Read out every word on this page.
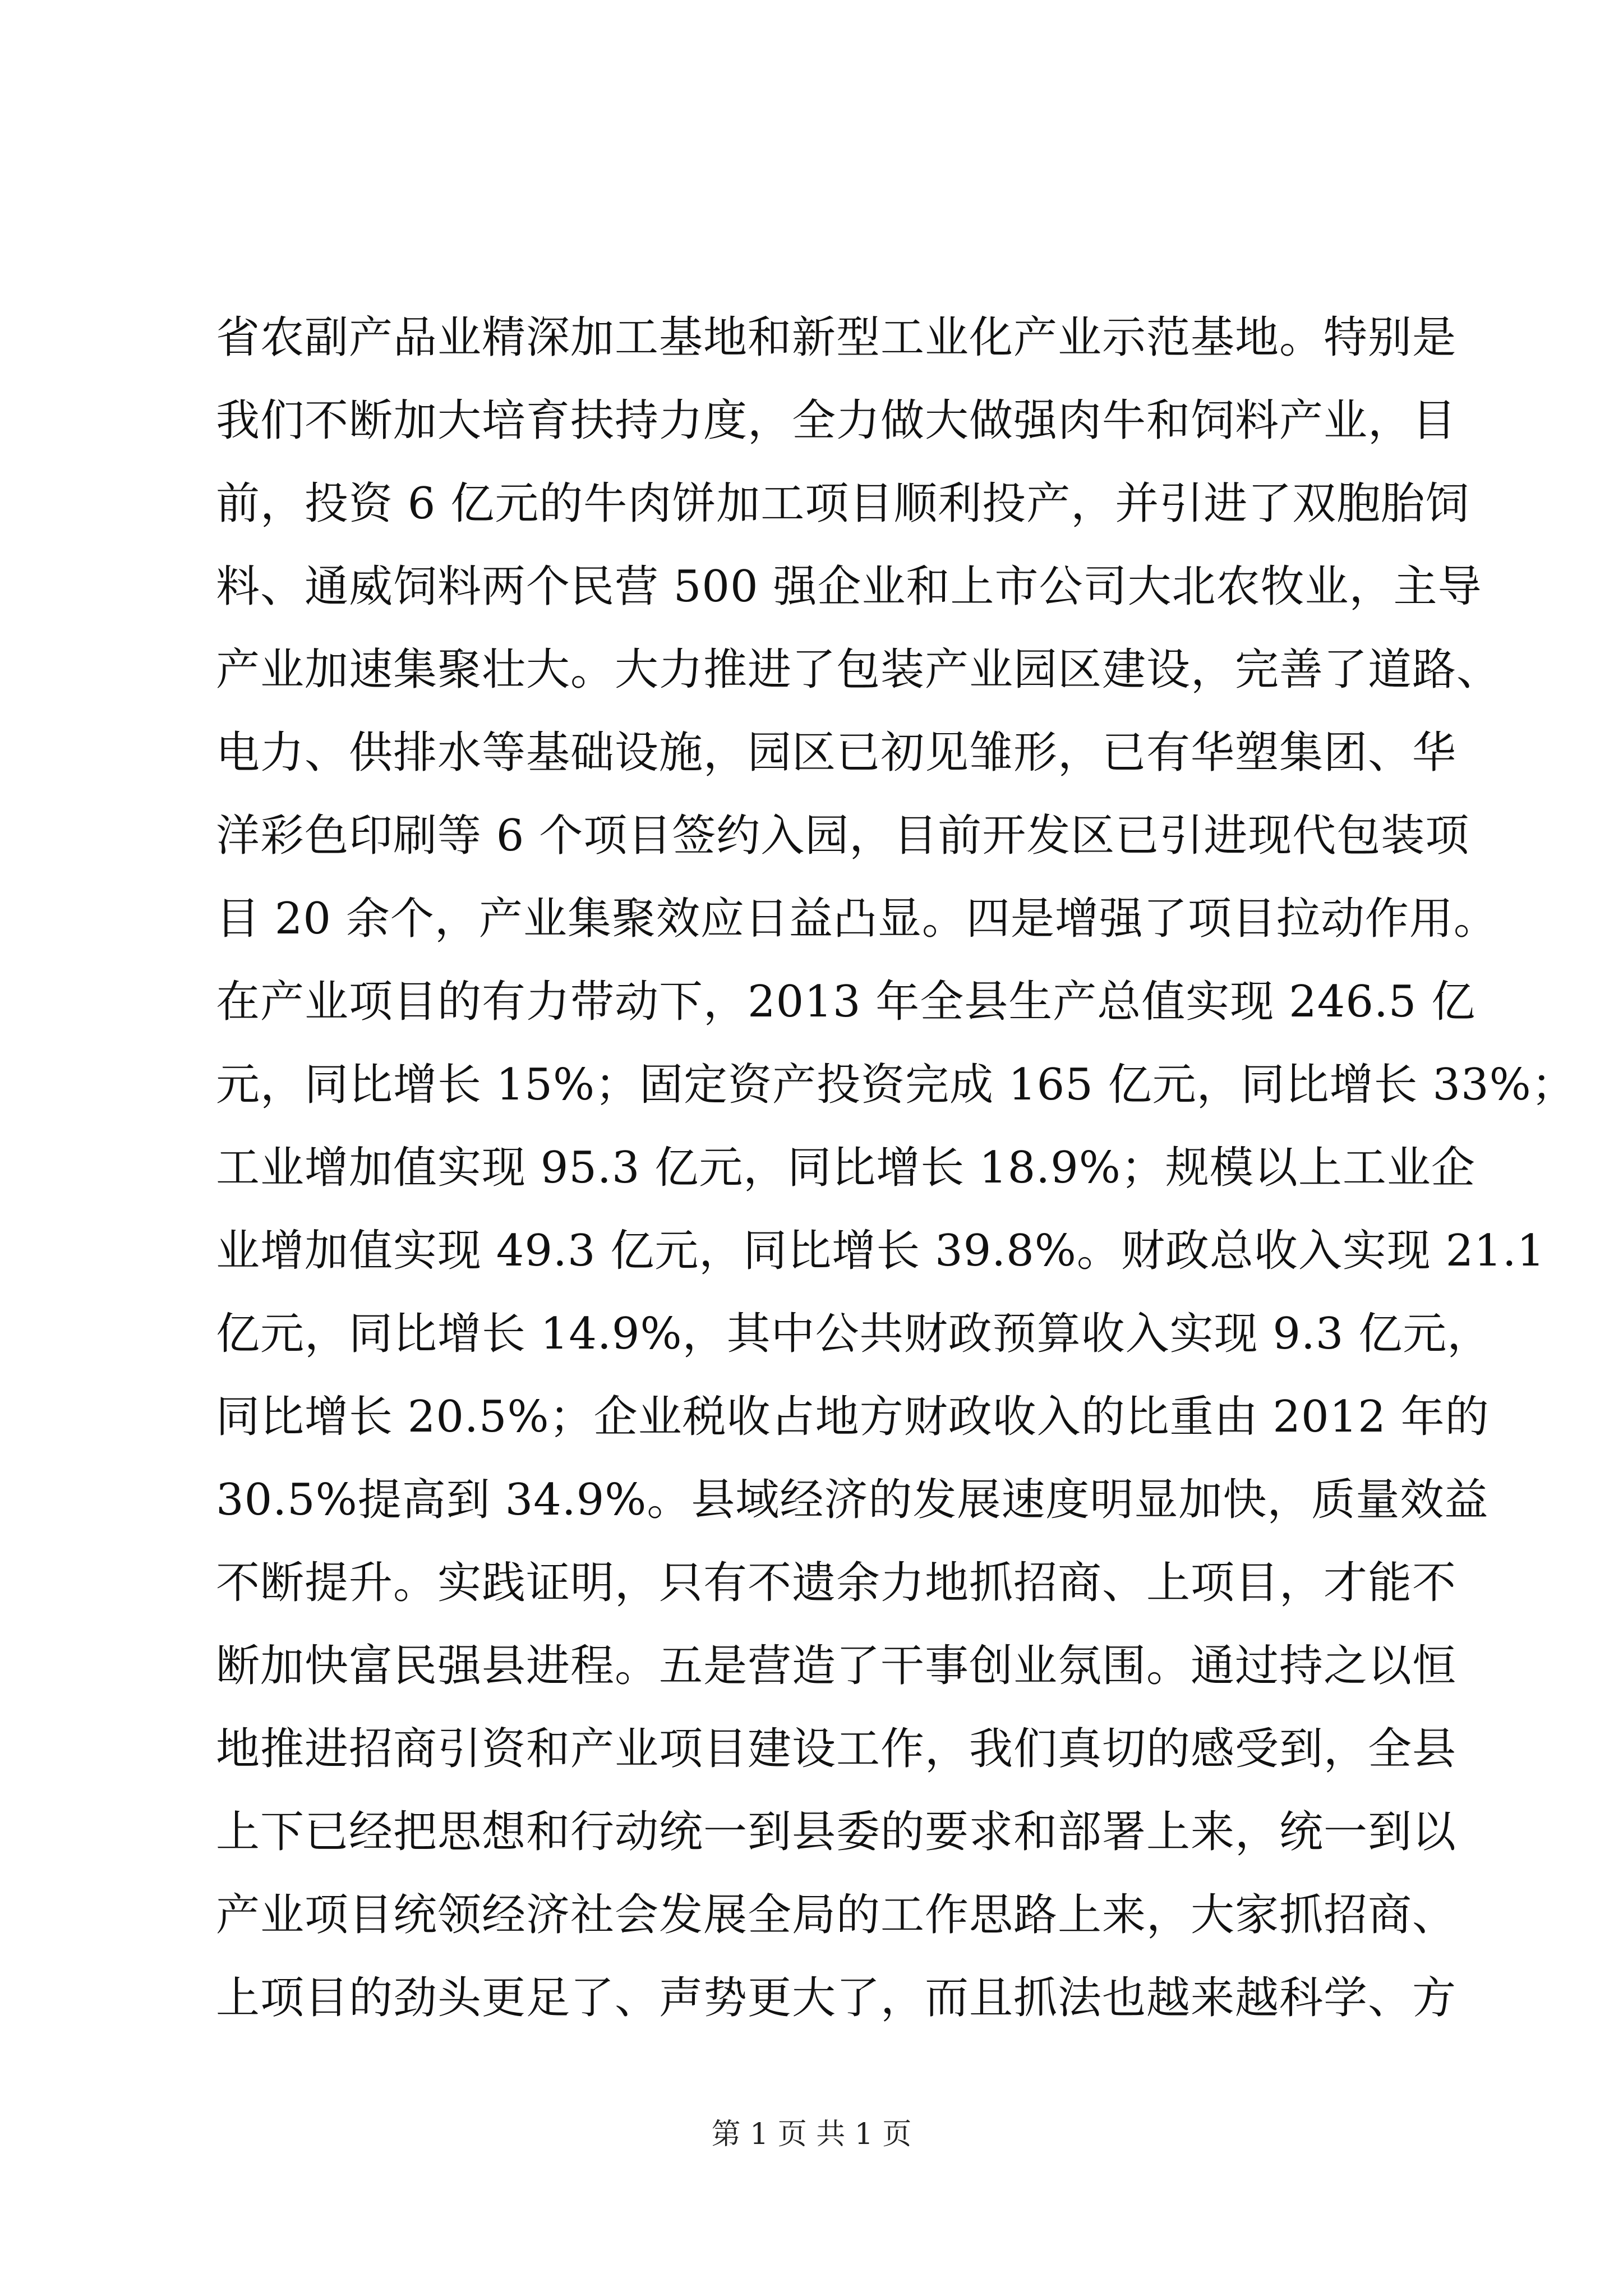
省农副产品业精深加工基地和新型工业化产业示范基地。特别是
我们不断加大培育扶持力度，全力做大做强肉牛和饲料产业，目
前，投资 6 亿元的牛肉饼加工项目顺利投产，并引进了双胞胎饲
料、通威饲料两个民营 500 强企业和上市公司大北农牧业，主导
产业加速集聚壮大。大力推进了包装产业园区建设，完善了道路、
电力、供排水等基础设施，园区已初见雏形，已有华塑集团、华
洋彩色印刷等 6 个项目签约入园，目前开发区已引进现代包装项
目 20 余个，产业集聚效应日益凸显。四是增强了项目拉动作用。
在产业项目的有力带动下，2013 年全县生产总值实现 246.5 亿
元，同比增长 15%；固定资产投资完成 165 亿元，同比增长 33%；
工业增加值实现 95.3 亿元，同比增长 18.9%；规模以上工业企
业增加值实现 49.3 亿元，同比增长 39.8%。财政总收入实现 21.1
亿元，同比增长 14.9%，其中公共财政预算收入实现 9.3 亿元，
同比增长 20.5%；企业税收占地方财政收入的比重由 2012 年的
30.5%提高到 34.9%。县域经济的发展速度明显加快，质量效益
不断提升。实践证明，只有不遗余力地抓招商、上项目，才能不
断加快富民强县进程。五是营造了干事创业氛围。通过持之以恒
地推进招商引资和产业项目建设工作，我们真切的感受到，全县
上下已经把思想和行动统一到县委的要求和部署上来，统一到以
产业项目统领经济社会发展全局的工作思路上来，大家抓招商、
上项目的劲头更足了、声势更大了，而且抓法也越来越科学、方
第 1 页 共 1 页
